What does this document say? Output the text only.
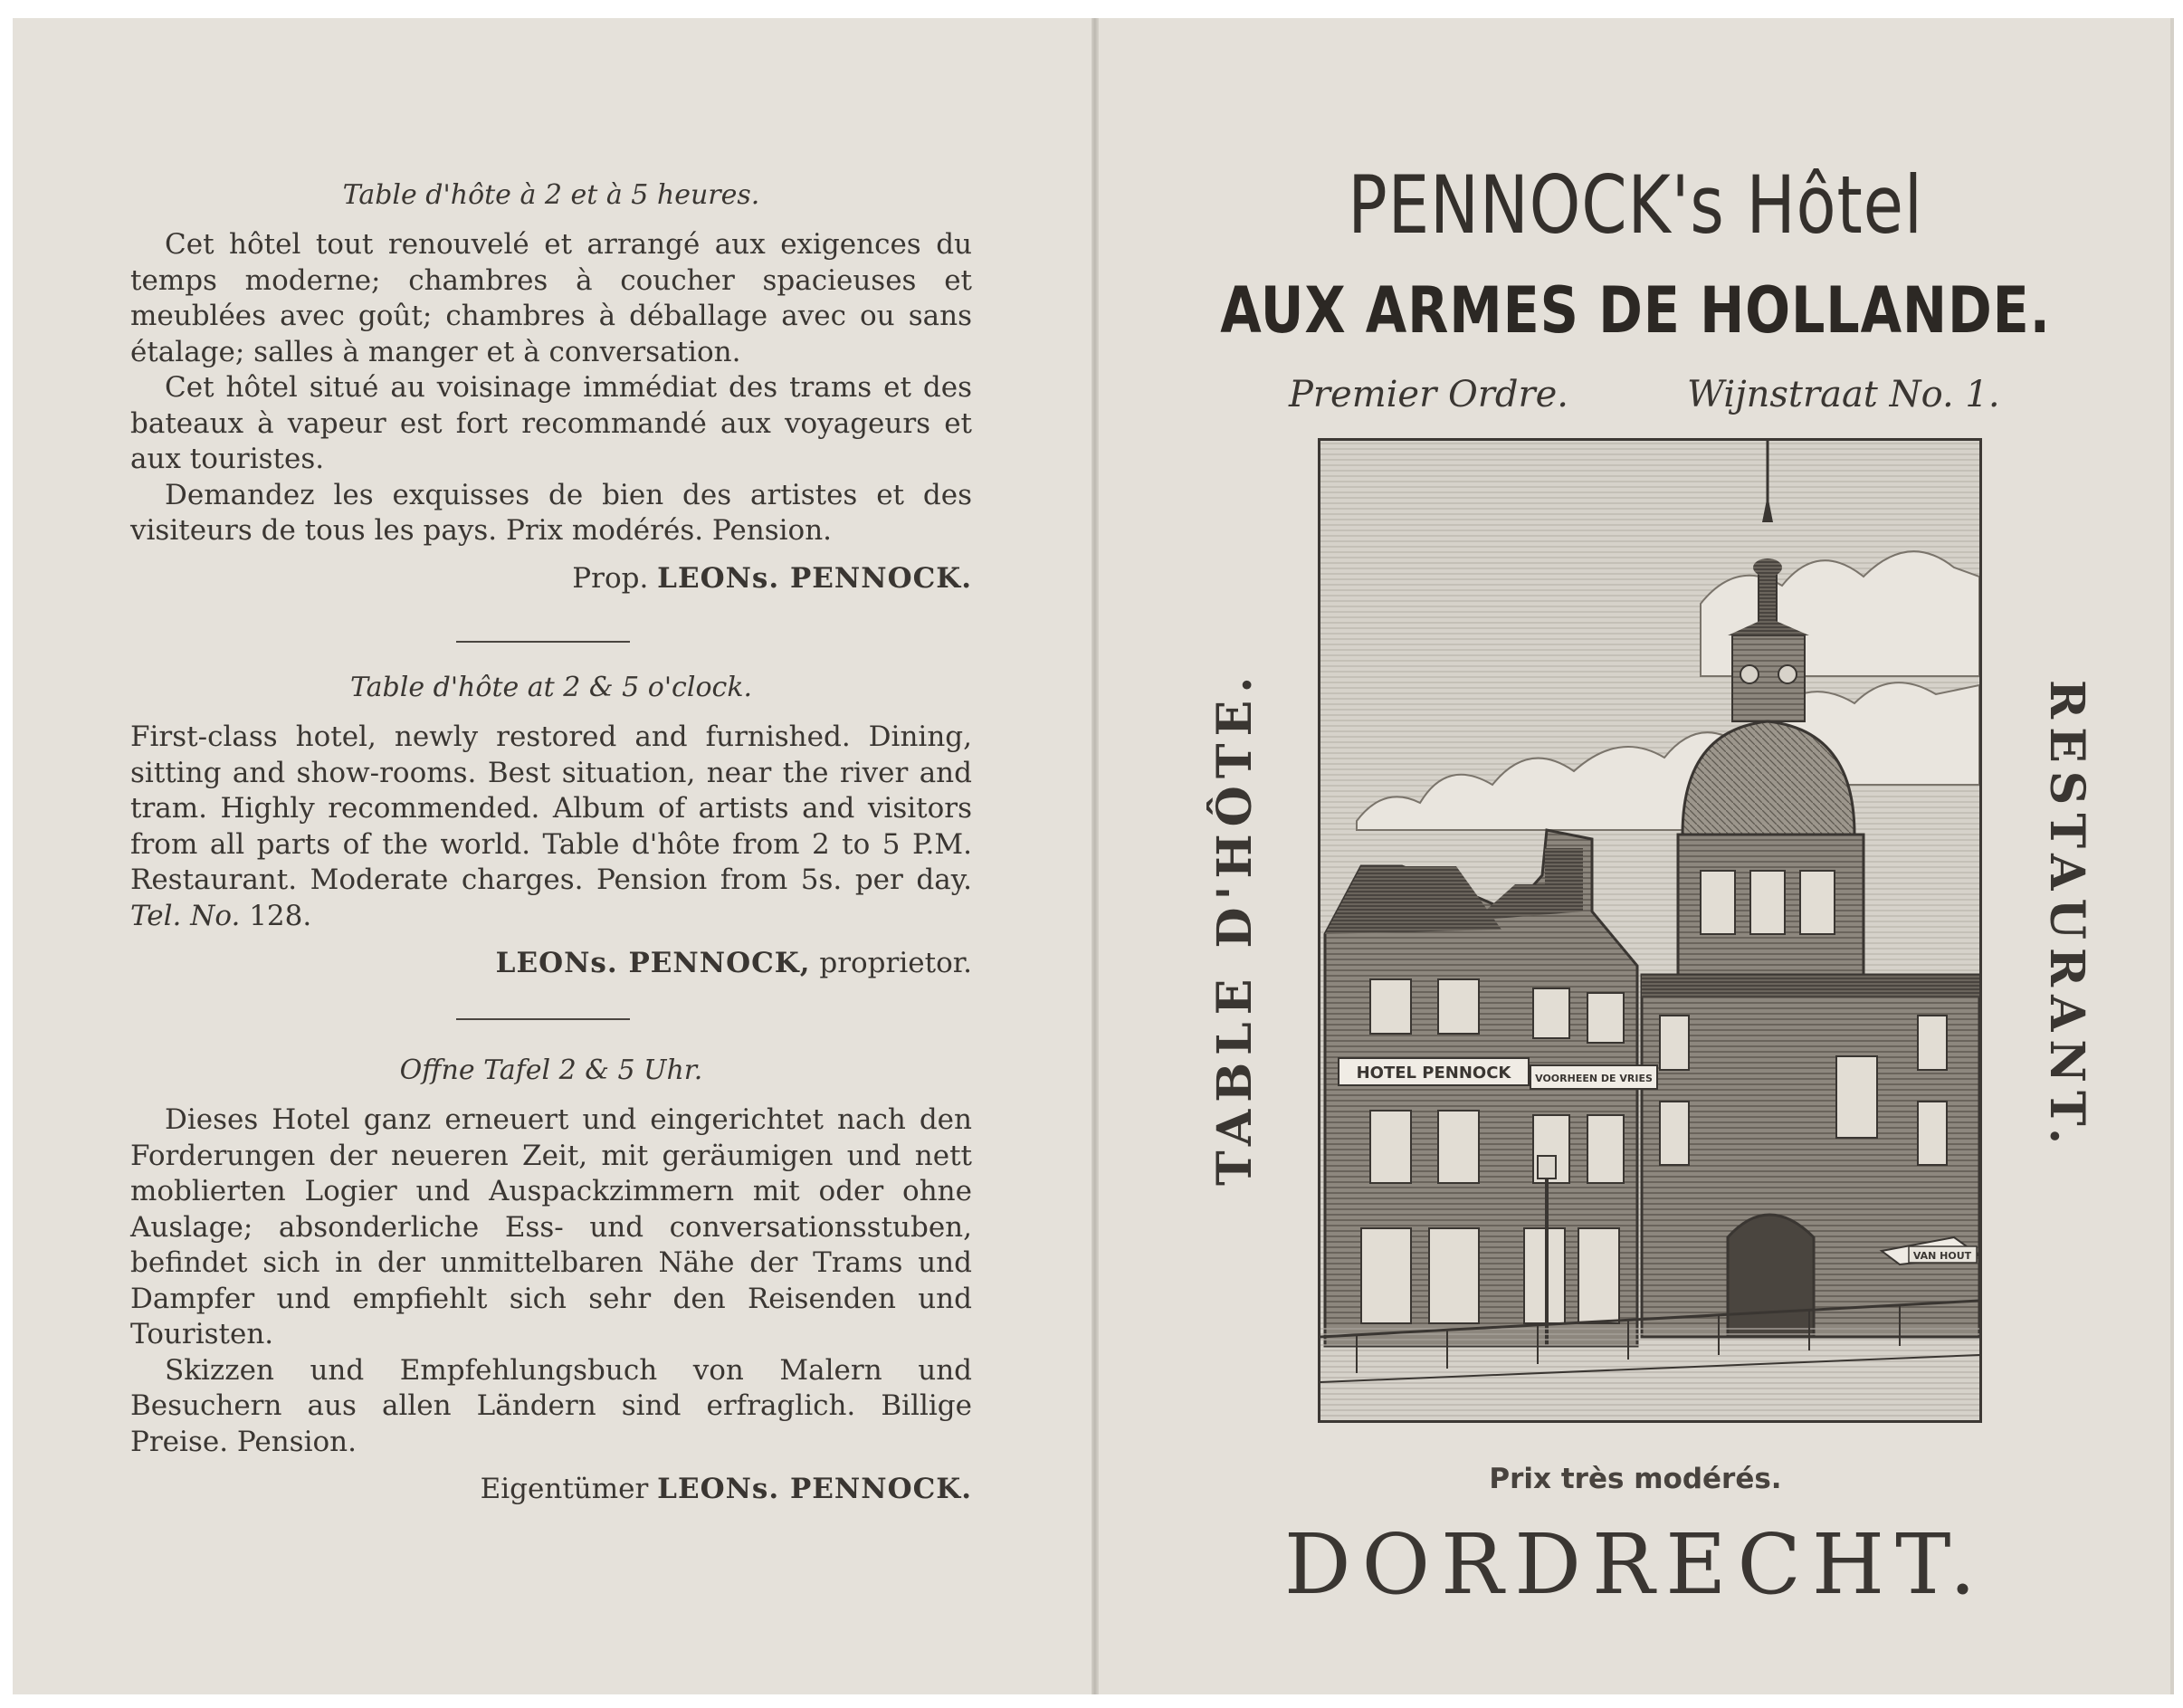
Table d'hôte à 2 et à 5 heures.

Cet hôtel tout renouvelé et arrangé aux exigences du temps moderne; chambres à coucher spacieuses et meublées avec goût; chambres à déballage avec ou sans étalage; salles à manger et à conversation.

Cet hôtel situé au voisinage immédiat des trams et des bateaux à vapeur est fort recommandé aux voyageurs et aux touristes.

Demandez les exquisses de bien des artistes et des visiteurs de tous les pays. Prix modérés. Pension.

Prop. LEONs. PENNOCK.

Table d'hôte at 2 & 5 o'clock.

First-class hotel, newly restored and furnished. Dining, sitting and show-rooms. Best situation, near the river and tram. Highly recommended. Album of artists and visitors from all parts of the world. Table d'hôte from 2 to 5 P.M. Restaurant. Moderate charges. Pension from 5s. per day. Tel. No. 128.

LEONs. PENNOCK, proprietor.

Offne Tafel 2 & 5 Uhr.

Dieses Hotel ganz erneuert und eingerichtet nach den Forderungen der neueren Zeit, mit geräumigen und nett moblierten Logier und Auspackzimmern mit oder ohne Auslage; absonderliche Ess- und conversationsstuben, befindet sich in der unmittelbaren Nähe der Trams und Dampfer und empfiehlt sich sehr den Reisenden und Touristen.

Skizzen und Empfehlungsbuch von Malern und Besuchern aus allen Ländern sind erfraglich. Billige Preise. Pension.

Eigentümer LEONs. PENNOCK.
PENNOCK's Hôtel
AUX ARMES DE HOLLANDE.
Premier Ordre.	Wijnstraat No. 1.
TABLE D'HÔTE.	RESTAURANT.
VAN HOUT
HOTEL PENNOCK VOORHEEN DE VRIES
Prix très modérés.
DORDRECHT.
